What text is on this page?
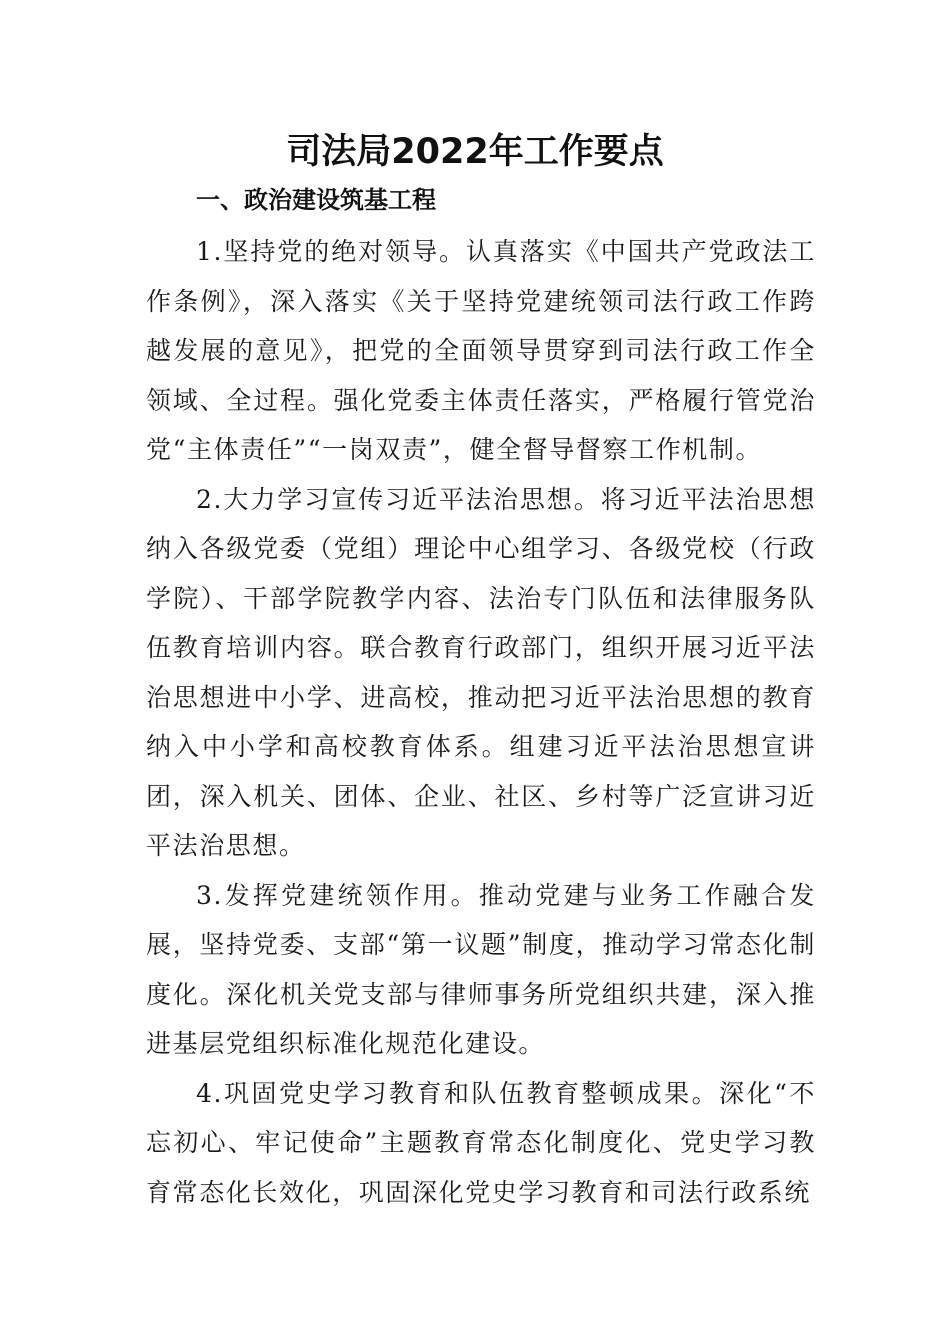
司法局2022年工作要点
一、政治建设筑基工程

1.坚持党的绝对领导。认真落实《中国共产党政法工作条例》，深入落实《关于坚持党建统领司法行政工作跨越发展的意见》，把党的全面领导贯穿到司法行政工作全领域、全过程。强化党委主体责任落实，严格履行管党治党“主体责任”“一岗双责”，健全督导督察工作机制。

2.大力学习宣传习近平法治思想。将习近平法治思想纳入各级党委（党组）理论中心组学习、各级党校（行政学院）、干部学院教学内容、法治专门队伍和法律服务队伍教育培训内容。联合教育行政部门，组织开展习近平法治思想进中小学、进高校，推动把习近平法治思想的教育纳入中小学和高校教育体系。组建习近平法治思想宣讲团，深入机关、团体、企业、社区、乡村等广泛宣讲习近平法治思想。

3.发挥党建统领作用。推动党建与业务工作融合发展，坚持党委、支部“第一议题”制度，推动学习常态化制度化。深化机关党支部与律师事务所党组织共建，深入推进基层党组织标准化规范化建设。

4.巩固党史学习教育和队伍教育整顿成果。深化“不忘初心、牢记使命”主题教育常态化制度化、党史学习教育常态化长效化，巩固深化党史学习教育和司法行政系统
